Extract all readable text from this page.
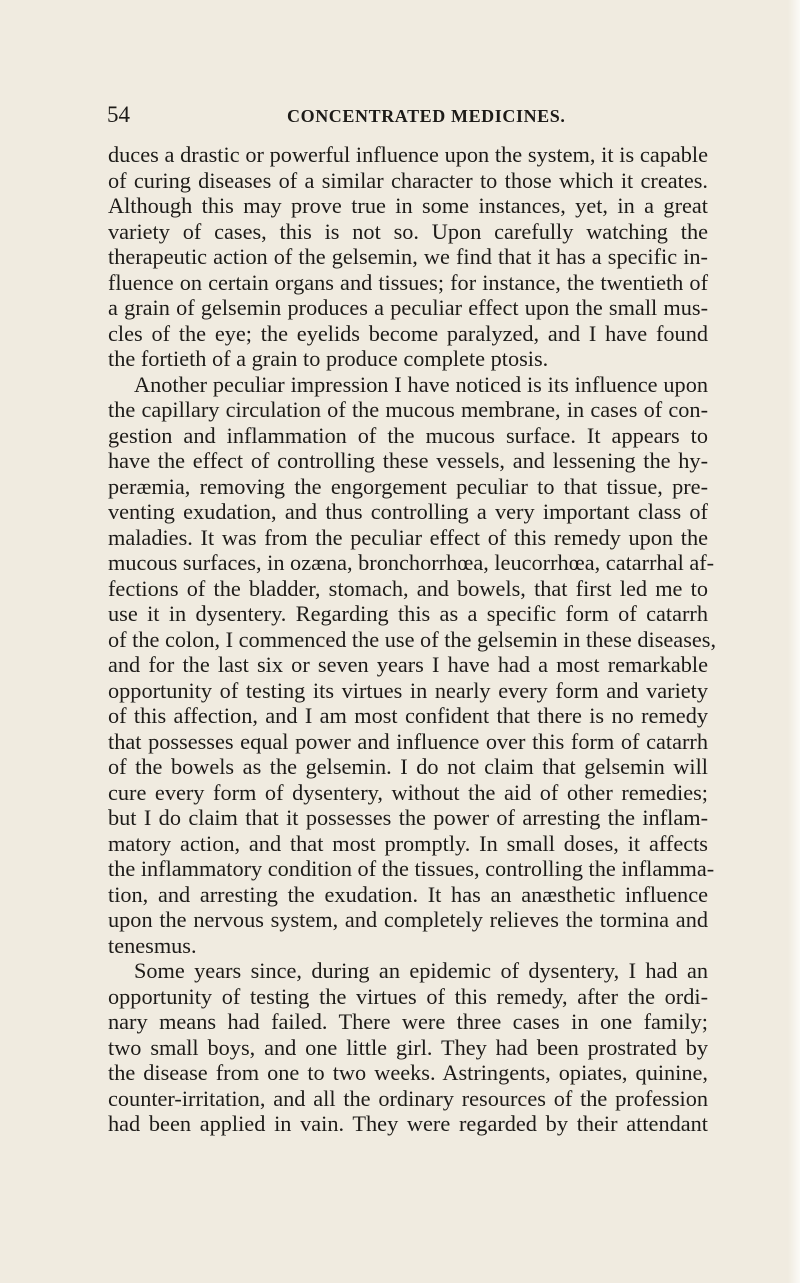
54	CONCENTRATED MEDICINES.
duces a drastic or powerful influence upon the system, it is capable
of curing diseases of a similar character to those which it creates.
Although this may prove true in some instances, yet, in a great
variety of cases, this is not so. Upon carefully watching the
therapeutic action of the gelsemin, we find that it has a specific in-
fluence on certain organs and tissues; for instance, the twentieth of
a grain of gelsemin produces a peculiar effect upon the small mus-
cles of the eye; the eyelids become paralyzed, and I have found
the fortieth of a grain to produce complete ptosis.
Another peculiar impression I have noticed is its influence upon
the capillary circulation of the mucous membrane, in cases of con-
gestion and inflammation of the mucous surface. It appears to
have the effect of controlling these vessels, and lessening the hy-
peræmia, removing the engorgement peculiar to that tissue, pre-
venting exudation, and thus controlling a very important class of
maladies. It was from the peculiar effect of this remedy upon the
mucous surfaces, in ozæna, bronchorrhœa, leucorrhœa, catarrhal af-
fections of the bladder, stomach, and bowels, that first led me to
use it in dysentery. Regarding this as a specific form of catarrh
of the colon, I commenced the use of the gelsemin in these diseases,
and for the last six or seven years I have had a most remarkable
opportunity of testing its virtues in nearly every form and variety
of this affection, and I am most confident that there is no remedy
that possesses equal power and influence over this form of catarrh
of the bowels as the gelsemin. I do not claim that gelsemin will
cure every form of dysentery, without the aid of other remedies;
but I do claim that it possesses the power of arresting the inflam-
matory action, and that most promptly. In small doses, it affects
the inflammatory condition of the tissues, controlling the inflamma-
tion, and arresting the exudation. It has an anæsthetic influence
upon the nervous system, and completely relieves the tormina and
tenesmus.
Some years since, during an epidemic of dysentery, I had an
opportunity of testing the virtues of this remedy, after the ordi-
nary means had failed. There were three cases in one family;
two small boys, and one little girl. They had been prostrated by
the disease from one to two weeks. Astringents, opiates, quinine,
counter-irritation, and all the ordinary resources of the profession
had been applied in vain. They were regarded by their attendant
